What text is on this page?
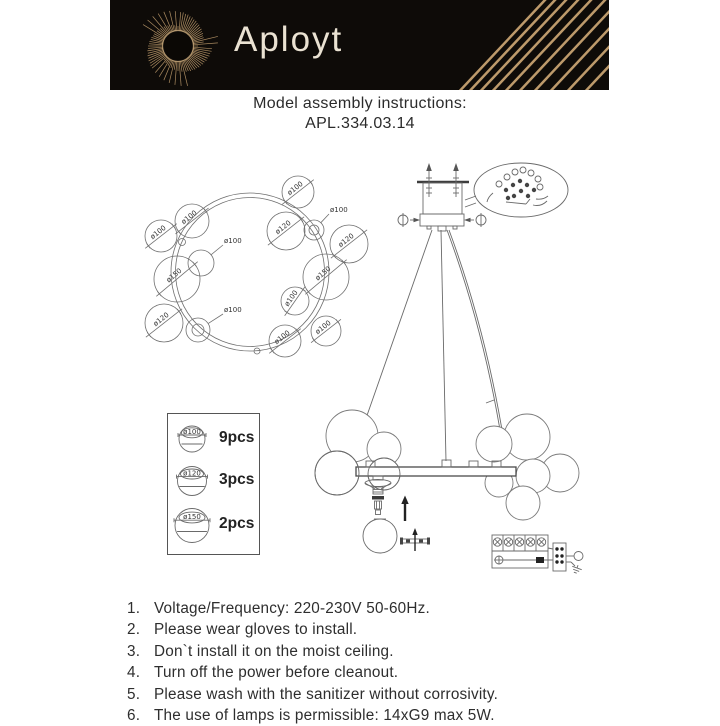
Aployt
Model assembly instructions:
APL.334.03.14
ø100
ø100
ø100	ø120
ø120
ø150	ø150
ø100
ø120
ø100
ø100
ø100
ø100
ø100
ø100 9pcs
ø120 3pcs
ø150 2pcs
1. Voltage/Frequency: 220-230V 50-60Hz.
2. Please wear gloves to install.
3. Don`t install it on the moist ceiling.
4. Turn off the power before cleanout.
5. Please wash with the sanitizer without corrosivity.
6. The use of lamps is permissible: 14xG9 max 5W.
